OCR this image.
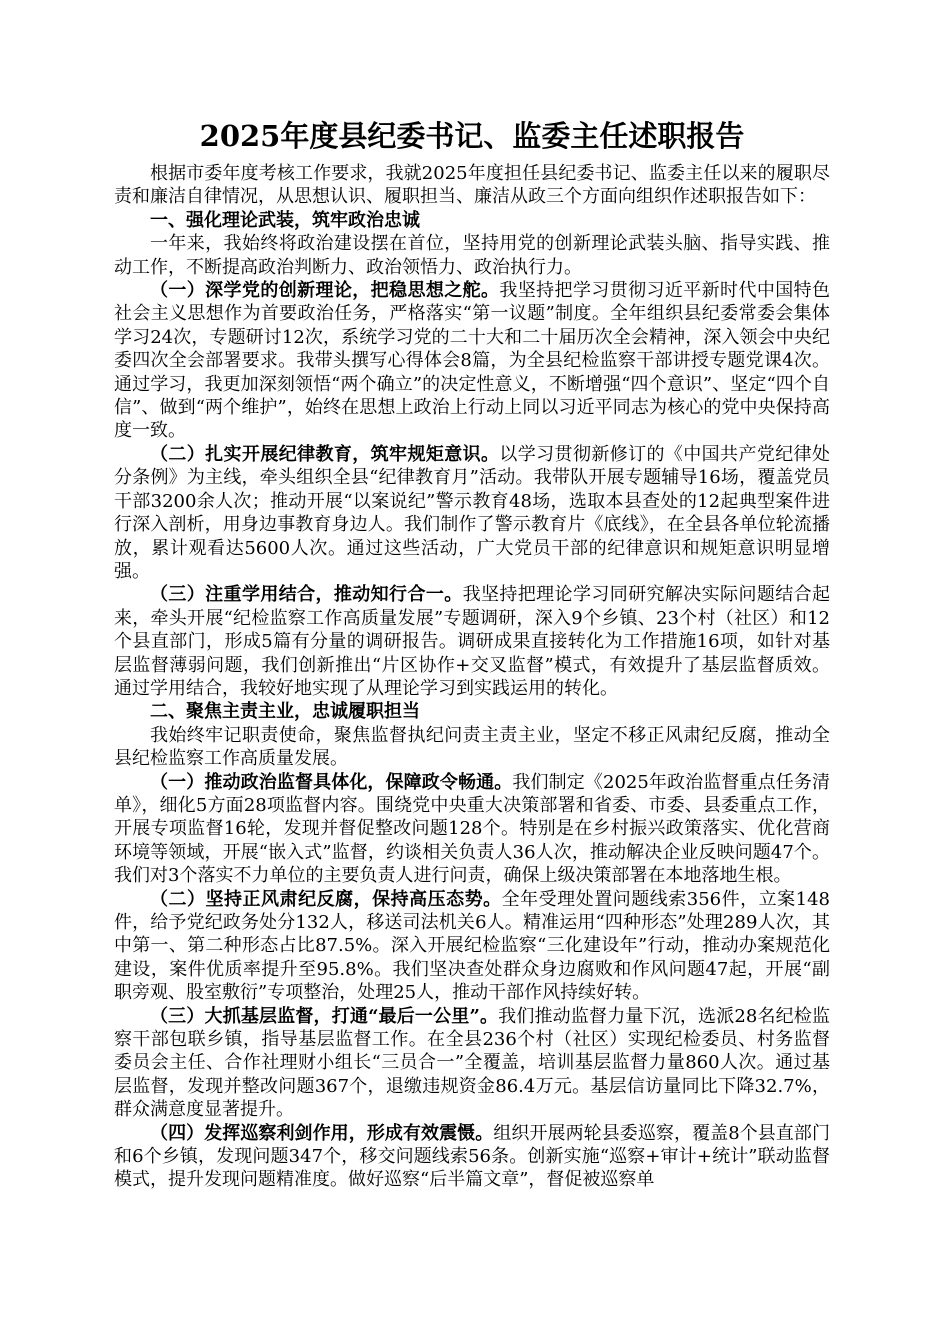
2025年度县纪委书记、监委主任述职报告

根据市委年度考核工作要求，我就2025年度担任县纪委书记、监委主任以来的履职尽责和廉洁自律情况，从思想认识、履职担当、廉洁从政三个方面向组织作述职报告如下：

一、强化理论武装，筑牢政治忠诚

一年来，我始终将政治建设摆在首位，坚持用党的创新理论武装头脑、指导实践、推动工作，不断提高政治判断力、政治领悟力、政治执行力。

（一）深学党的创新理论，把稳思想之舵。我坚持把学习贯彻习近平新时代中国特色社会主义思想作为首要政治任务，严格落实“第一议题”制度。全年组织县纪委常委会集体学习24次，专题研讨12次，系统学习党的二十大和二十届历次全会精神，深入领会中央纪委四次全会部署要求。我带头撰写心得体会8篇，为全县纪检监察干部讲授专题党课4次。通过学习，我更加深刻领悟“两个确立”的决定性意义，不断增强“四个意识”、坚定“四个自信”、做到“两个维护”，始终在思想上政治上行动上同以习近平同志为核心的党中央保持高度一致。

（二）扎实开展纪律教育，筑牢规矩意识。以学习贯彻新修订的《中国共产党纪律处分条例》为主线，牵头组织全县“纪律教育月”活动。我带队开展专题辅导16场，覆盖党员干部3200余人次；推动开展“以案说纪”警示教育48场，选取本县查处的12起典型案件进行深入剖析，用身边事教育身边人。我们制作了警示教育片《底线》，在全县各单位轮流播放，累计观看达5600人次。通过这些活动，广大党员干部的纪律意识和规矩意识明显增强。

（三）注重学用结合，推动知行合一。我坚持把理论学习同研究解决实际问题结合起来，牵头开展“纪检监察工作高质量发展”专题调研，深入9个乡镇、23个村（社区）和12个县直部门，形成5篇有分量的调研报告。调研成果直接转化为工作措施16项，如针对基层监督薄弱问题，我们创新推出“片区协作+交叉监督”模式，有效提升了基层监督质效。通过学用结合，我较好地实现了从理论学习到实践运用的转化。

二、聚焦主责主业，忠诚履职担当

我始终牢记职责使命，聚焦监督执纪问责主责主业，坚定不移正风肃纪反腐，推动全县纪检监察工作高质量发展。

（一）推动政治监督具体化，保障政令畅通。我们制定《2025年政治监督重点任务清单》，细化5方面28项监督内容。围绕党中央重大决策部署和省委、市委、县委重点工作，开展专项监督16轮，发现并督促整改问题128个。特别是在乡村振兴政策落实、优化营商环境等领域，开展“嵌入式”监督，约谈相关负责人36人次，推动解决企业反映问题47个。我们对3个落实不力单位的主要负责人进行问责，确保上级决策部署在本地落地生根。

（二）坚持正风肃纪反腐，保持高压态势。全年受理处置问题线索356件，立案148件，给予党纪政务处分132人，移送司法机关6人。精准运用“四种形态”处理289人次，其中第一、第二种形态占比87.5%。深入开展纪检监察“三化建设年”行动，推动办案规范化建设，案件优质率提升至95.8%。我们坚决查处群众身边腐败和作风问题47起，开展“副职旁观、股室敷衍”专项整治，处理25人，推动干部作风持续好转。

（三）大抓基层监督，打通“最后一公里”。我们推动监督力量下沉，选派28名纪检监察干部包联乡镇，指导基层监督工作。在全县236个村（社区）实现纪检委员、村务监督委员会主任、合作社理财小组长“三员合一”全覆盖，培训基层监督力量860人次。通过基层监督，发现并整改问题367个，退缴违规资金86.4万元。基层信访量同比下降32.7%，群众满意度显著提升。

（四）发挥巡察利剑作用，形成有效震慑。组织开展两轮县委巡察，覆盖8个县直部门和6个乡镇，发现问题347个，移交问题线索56条。创新实施“巡察+审计+统计”联动监督模式，提升发现问题精准度。做好巡察“后半篇文章”，督促被巡察单
